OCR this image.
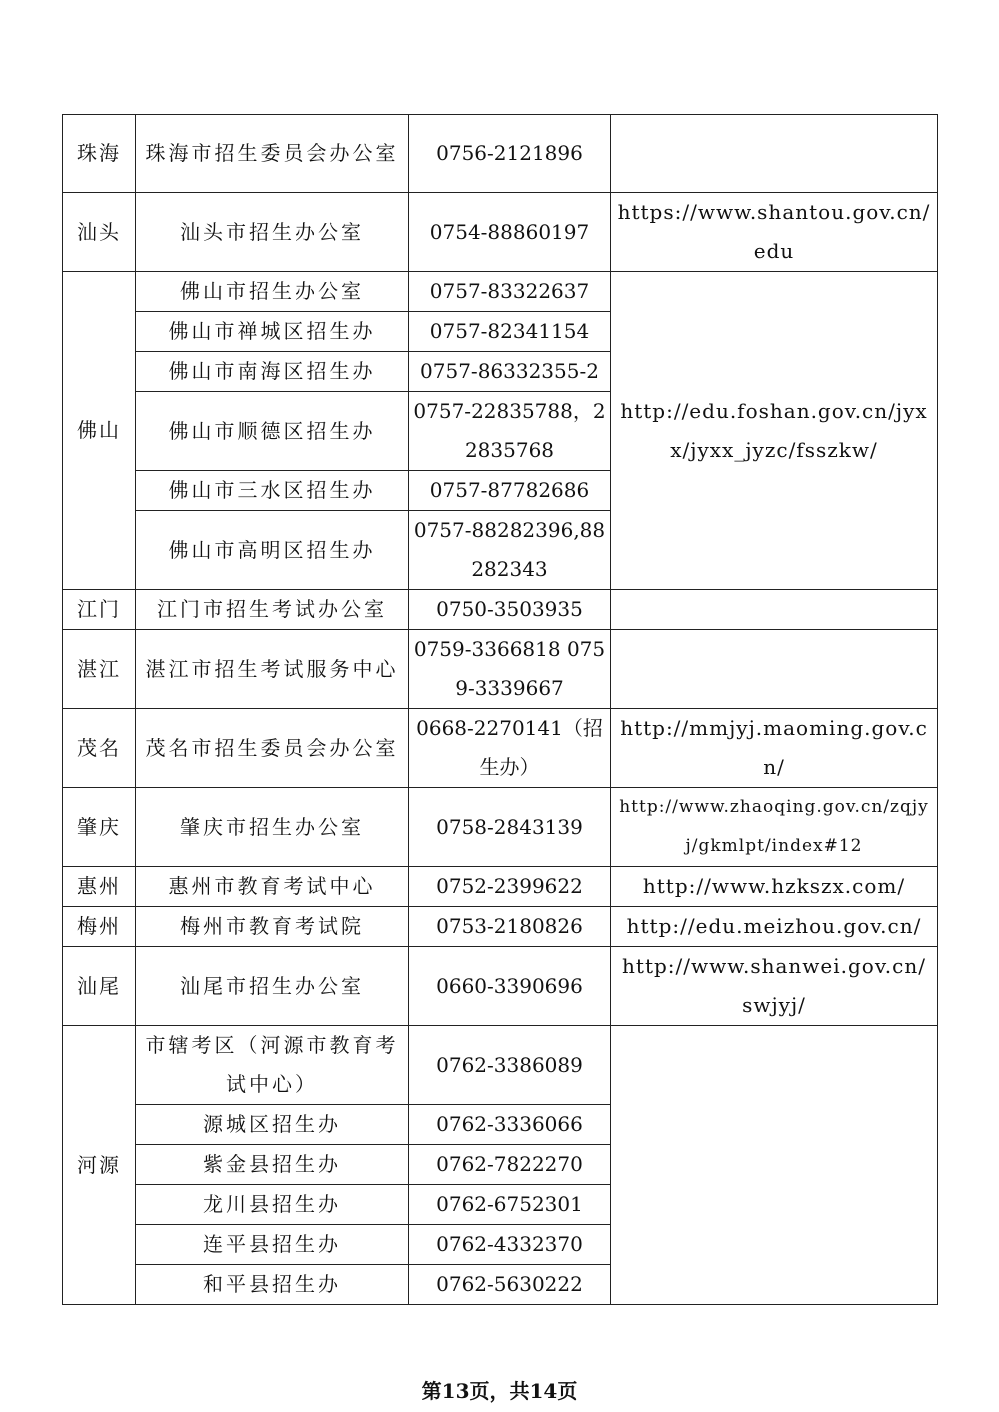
珠海	珠海市招生委员会办公室	0756-2121896	
汕头	汕头市招生办公室	0754-88860197	https://www.shantou.gov.cn/edu
佛山	佛山市招生办公室	0757-83322637	http://edu.foshan.gov.cn/jyxx/jyxx_jyzc/fsszkw/
	佛山市禅城区招生办	0757-82341154	
	佛山市南海区招生办	0757-86332355-2	
	佛山市顺德区招生办	0757-22835788，22835768	
	佛山市三水区招生办	0757-87782686	
	佛山市高明区招生办	0757-88282396,88282343	
江门	江门市招生考试办公室	0750-3503935	
湛江	湛江市招生考试服务中心	0759-3366818 0759-3339667	
茂名	茂名市招生委员会办公室	0668-2270141（招生办）	http://mmjyj.maoming.gov.cn/
肇庆	肇庆市招生办公室	0758-2843139	http://www.zhaoqing.gov.cn/zqjyj/gkmlpt/index#12
惠州	惠州市教育考试中心	0752-2399622	http://www.hzkszx.com/
梅州	梅州市教育考试院	0753-2180826	http://edu.meizhou.gov.cn/
汕尾	汕尾市招生办公室	0660-3390696	http://www.shanwei.gov.cn/swjyj/
河源	市辖考区（河源市教育考试中心）	0762-3386089	
	源城区招生办	0762-3336066	
	紫金县招生办	0762-7822270	
	龙川县招生办	0762-6752301	
	连平县招生办	0762-4332370	
	和平县招生办	0762-5630222	
第13页，共14页
